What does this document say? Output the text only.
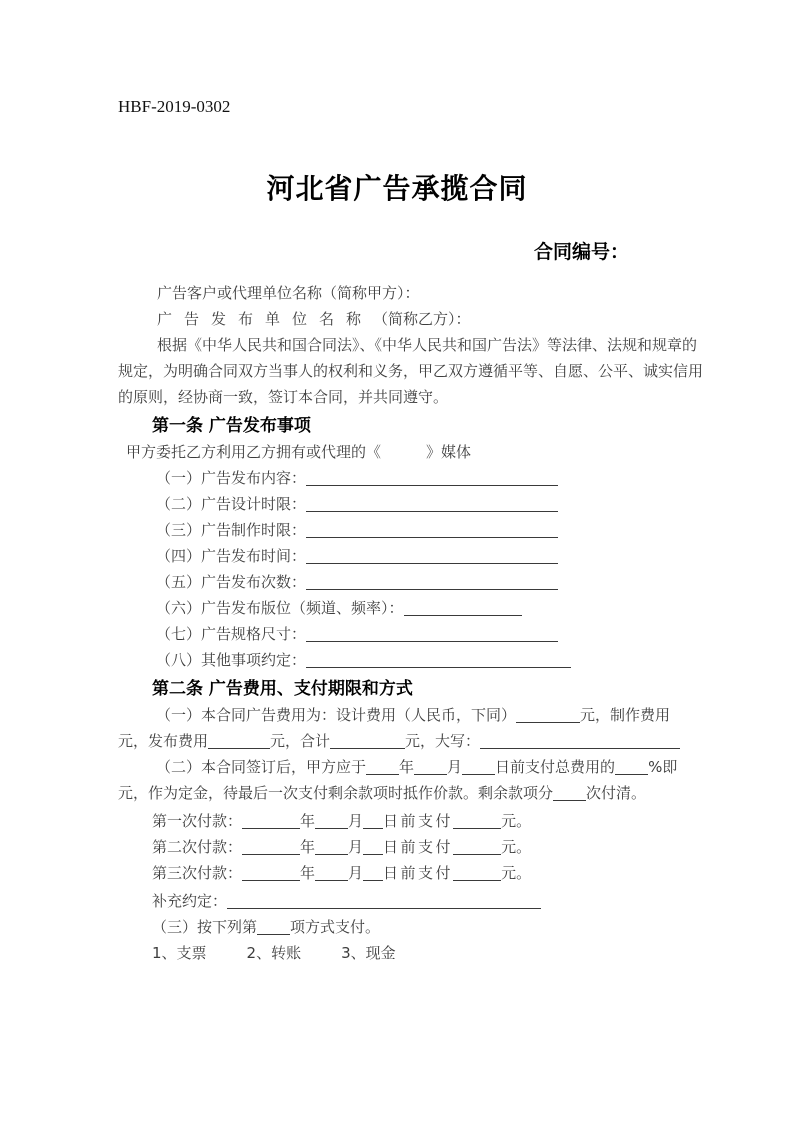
HBF-2019-0302
河北省广告承揽合同
合同编号：
广告客户或代理单位名称（简称甲方）：
广告发布单位名称（简称乙方）：
根据《中华人民共和国合同法》、《中华人民共和国广告法》等法律、法规和规章的
规定，为明确合同双方当事人的权利和义务，甲乙双方遵循平等、自愿、公平、诚实信用
的原则，经协商一致，签订本合同，并共同遵守。
第一条 广告发布事项
甲方委托乙方利用乙方拥有或代理的《	》媒体
（一）广告发布内容：
（二）广告设计时限：
（三）广告制作时限：
（四）广告发布时间：
（五）广告发布次数：
（六）广告发布版位（频道、频率）：
（七）广告规格尺寸：
（八）其他事项约定：
第二条 广告费用、支付期限和方式
（一）本合同广告费用为：设计费用（人民币，下同）	元，制作费用
元，发布费用	元，合计	元，大写：
（二）本合同签订后，甲方应于 年 月 日前支付总费用的 %即
元，作为定金，待最后一次支付剩余款项时抵作价款。剩余款项分 次付清。
第一次付款：	年 月 日前支付	元。
第二次付款：	年 月 日前支付	元。
第三次付款：	年 月 日前支付	元。
补充约定：
（三）按下列第 项方式支付。
1、支票	2、转账	3、现金
